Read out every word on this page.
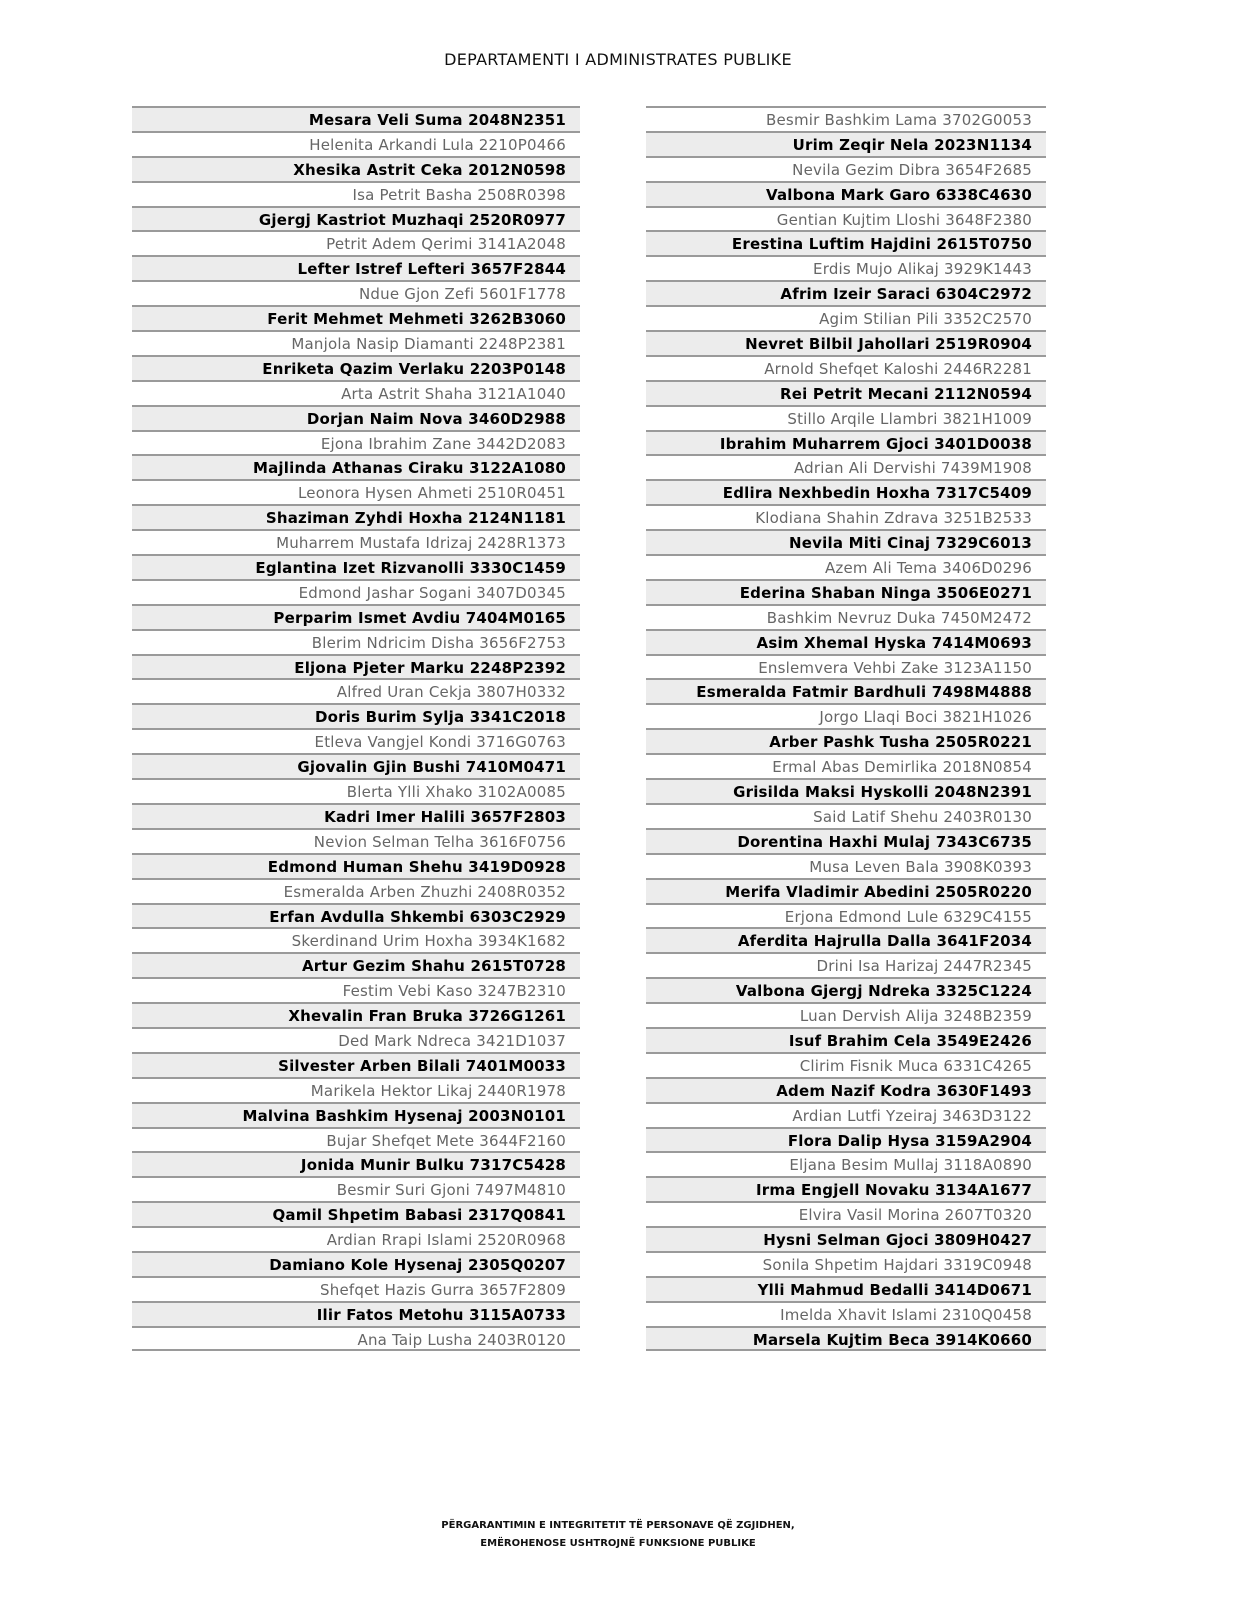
DEPARTAMENTI I ADMINISTRATES PUBLIKE
Mesara Veli Suma 2048N2351
Helenita Arkandi Lula 2210P0466
Xhesika Astrit Ceka 2012N0598
Isa Petrit Basha 2508R0398
Gjergj Kastriot Muzhaqi 2520R0977
Petrit Adem Qerimi 3141A2048
Lefter Istref Lefteri 3657F2844
Ndue Gjon Zefi 5601F1778
Ferit Mehmet Mehmeti 3262B3060
Manjola Nasip Diamanti 2248P2381
Enriketa Qazim Verlaku 2203P0148
Arta Astrit Shaha 3121A1040
Dorjan Naim Nova 3460D2988
Ejona Ibrahim Zane 3442D2083
Majlinda Athanas Ciraku 3122A1080
Leonora Hysen Ahmeti 2510R0451
Shaziman Zyhdi Hoxha 2124N1181
Muharrem Mustafa Idrizaj 2428R1373
Eglantina Izet Rizvanolli 3330C1459
Edmond Jashar Sogani 3407D0345
Perparim Ismet Avdiu 7404M0165
Blerim Ndricim Disha 3656F2753
Eljona Pjeter Marku 2248P2392
Alfred Uran Cekja 3807H0332
Doris Burim Sylja 3341C2018
Etleva Vangjel Kondi 3716G0763
Gjovalin Gjin Bushi 7410M0471
Blerta Ylli Xhako 3102A0085
Kadri Imer Halili 3657F2803
Nevion Selman Telha 3616F0756
Edmond Human Shehu 3419D0928
Esmeralda Arben Zhuzhi 2408R0352
Erfan Avdulla Shkembi 6303C2929
Skerdinand Urim Hoxha 3934K1682
Artur Gezim Shahu 2615T0728
Festim Vebi Kaso 3247B2310
Xhevalin Fran Bruka 3726G1261
Ded Mark Ndreca 3421D1037
Silvester Arben Bilali 7401M0033
Marikela Hektor Likaj 2440R1978
Malvina Bashkim Hysenaj 2003N0101
Bujar Shefqet Mete 3644F2160
Jonida Munir Bulku 7317C5428
Besmir Suri Gjoni 7497M4810
Qamil Shpetim Babasi 2317Q0841
Ardian Rrapi Islami 2520R0968
Damiano Kole Hysenaj 2305Q0207
Shefqet Hazis Gurra 3657F2809
Ilir Fatos Metohu 3115A0733
Ana Taip Lusha 2403R0120
Besmir Bashkim Lama 3702G0053
Urim Zeqir Nela 2023N1134
Nevila Gezim Dibra 3654F2685
Valbona Mark Garo 6338C4630
Gentian Kujtim Lloshi 3648F2380
Erestina Luftim Hajdini 2615T0750
Erdis Mujo Alikaj 3929K1443
Afrim Izeir Saraci 6304C2972
Agim Stilian Pili 3352C2570
Nevret Bilbil Jahollari 2519R0904
Arnold Shefqet Kaloshi 2446R2281
Rei Petrit Mecani 2112N0594
Stillo Arqile Llambri 3821H1009
Ibrahim Muharrem Gjoci 3401D0038
Adrian Ali Dervishi 7439M1908
Edlira Nexhbedin Hoxha 7317C5409
Klodiana Shahin Zdrava 3251B2533
Nevila Miti Cinaj 7329C6013
Azem Ali Tema 3406D0296
Ederina Shaban Ninga 3506E0271
Bashkim Nevruz Duka 7450M2472
Asim Xhemal Hyska 7414M0693
Enslemvera Vehbi Zake 3123A1150
Esmeralda Fatmir Bardhuli 7498M4888
Jorgo Llaqi Boci 3821H1026
Arber Pashk Tusha 2505R0221
Ermal Abas Demirlika 2018N0854
Grisilda Maksi Hyskolli 2048N2391
Said Latif Shehu 2403R0130
Dorentina Haxhi Mulaj 7343C6735
Musa Leven Bala 3908K0393
Merifa Vladimir Abedini 2505R0220
Erjona Edmond Lule 6329C4155
Aferdita Hajrulla Dalla 3641F2034
Drini Isa Harizaj 2447R2345
Valbona Gjergj Ndreka 3325C1224
Luan Dervish Alija 3248B2359
Isuf Brahim Cela 3549E2426
Clirim Fisnik Muca 6331C4265
Adem Nazif Kodra 3630F1493
Ardian Lutfi Yzeiraj 3463D3122
Flora Dalip Hysa 3159A2904
Eljana Besim Mullaj 3118A0890
Irma Engjell Novaku 3134A1677
Elvira Vasil Morina 2607T0320
Hysni Selman Gjoci 3809H0427
Sonila Shpetim Hajdari 3319C0948
Ylli Mahmud Bedalli 3414D0671
Imelda Xhavit Islami 2310Q0458
Marsela Kujtim Beca 3914K0660
PËRGARANTIMIN E INTEGRITETIT TË PERSONAVE QË ZGJIDHEN,
EMËROHENOSE USHTROJNË FUNKSIONE PUBLIKE
